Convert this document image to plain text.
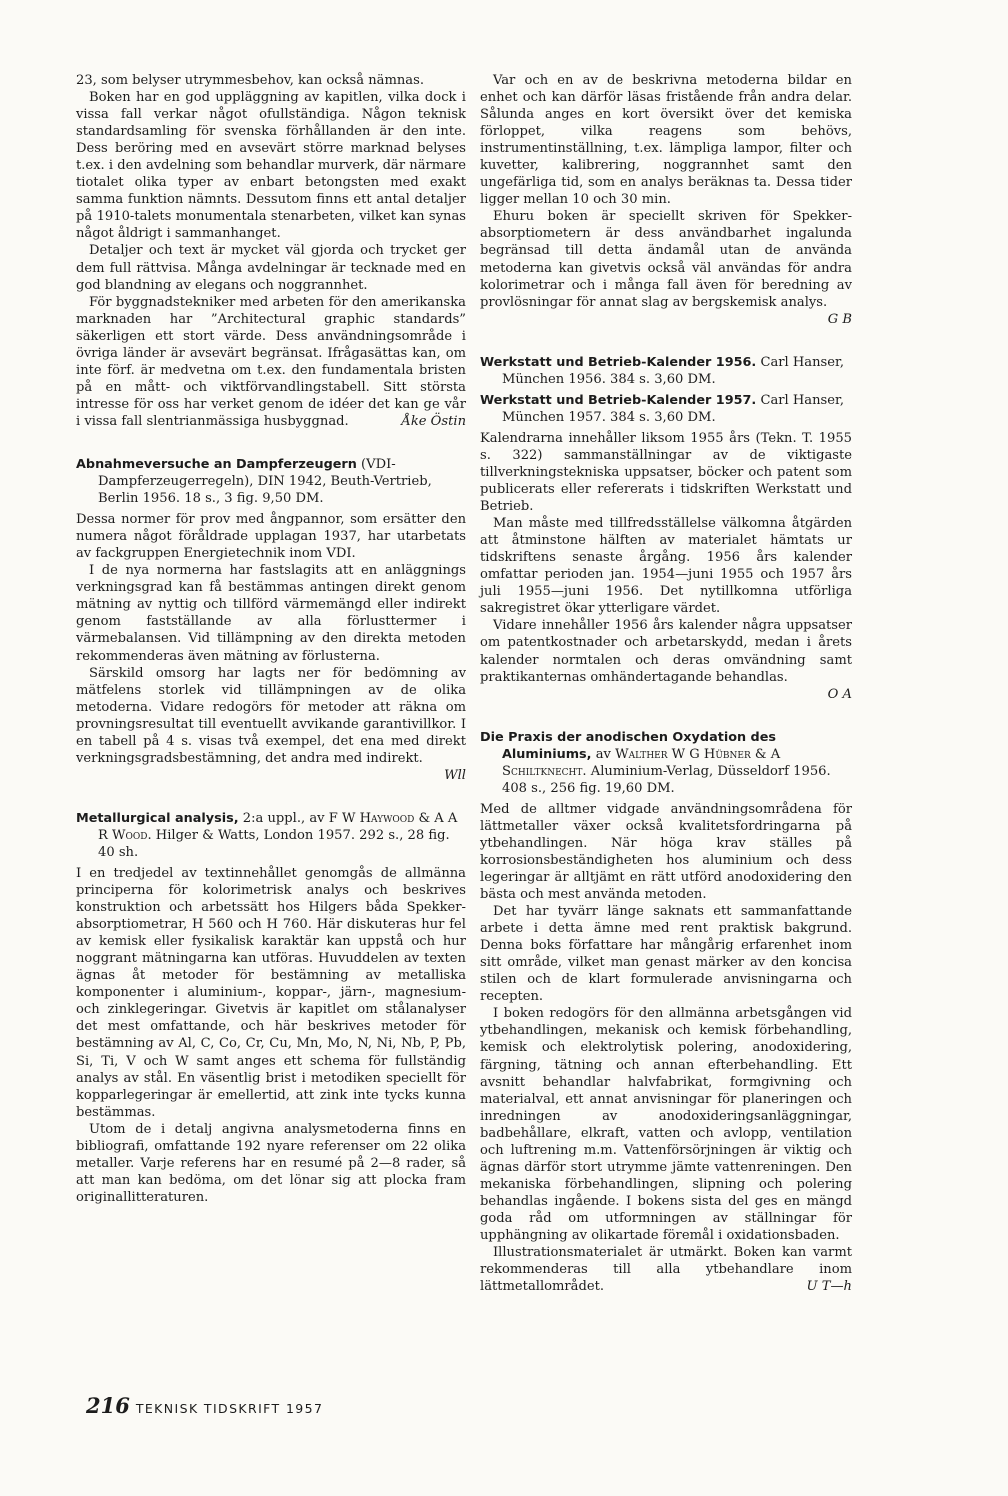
23, som belyser utrymmesbehov, kan också nämnas.

Boken har en god uppläggning av kapitlen, vilka dock i vissa fall verkar något ofullständiga. Någon teknisk standardsamling för svenska förhållanden är den inte. Dess beröring med en avsevärt större marknad belyses t.ex. i den avdelning som behandlar murverk, där närmare tiotalet olika typer av enbart betongsten med exakt samma funktion nämnts. Dessutom finns ett antal detaljer på 1910-talets monumentala stenarbeten, vilket kan synas något åldrigt i sammanhanget.

Detaljer och text är mycket väl gjorda och trycket ger dem full rättvisa. Många avdelningar är tecknade med en god blandning av elegans och noggrannhet.

För byggnadstekniker med arbeten för den amerikanska marknaden har ”Architectural graphic standards” säkerligen ett stort värde. Dess användningsområde i övriga länder är avsevärt begränsat. Ifrågasättas kan, om inte förf. är medvetna om t.ex. den fundamentala bristen på en mått- och viktförvandlingstabell. Sitt största intresse för oss har verket genom de idéer det kan ge vår i vissa fall slentrianmässiga husbyggnad.	Åke Östin

Abnahmeversuche an Dampferzeugern (VDI-Dampferzeugerregeln), DIN 1942, Beuth-Vertrieb, Berlin 1956. 18 s., 3 fig. 9,50 DM.

Dessa normer för prov med ångpannor, som ersätter den numera något föråldrade upplagan 1937, har utarbetats av fackgruppen Energietechnik inom VDI.

I de nya normerna har fastslagits att en anläggnings verkningsgrad kan få bestämmas antingen direkt genom mätning av nyttig och tillförd värmemängd eller indirekt genom fastställande av alla förlusttermer i värmebalansen. Vid tillämpning av den direkta metoden rekommenderas även mätning av förlusterna.

Särskild omsorg har lagts ner för bedömning av mätfelens storlek vid tillämpningen av de olika metoderna. Vidare redogörs för metoder att räkna om provningsresultat till eventuellt avvikande garantivillkor. I en tabell på 4 s. visas två exempel, det ena med direkt verkningsgradsbestämning, det andra med indirekt.

Wll

Metallurgical analysis, 2:a uppl., av F W Haywood & A A R Wood. Hilger & Watts, London 1957. 292 s., 28 fig. 40 sh.

I en tredjedel av textinnehållet genomgås de allmänna principerna för kolorimetrisk analys och beskrives konstruktion och arbetssätt hos Hilgers båda Spekker-absorptiometrar, H 560 och H 760. Här diskuteras hur fel av kemisk eller fysikalisk karaktär kan uppstå och hur noggrant mätningarna kan utföras. Huvuddelen av texten ägnas åt metoder för bestämning av metalliska komponenter i aluminium-, koppar-, järn-, magnesium- och zinklegeringar. Givetvis är kapitlet om stålanalyser det mest omfattande, och här beskrives metoder för bestämning av Al, C, Co, Cr, Cu, Mn, Mo, N, Ni, Nb, P, Pb, Si, Ti, V och W samt anges ett schema för fullständig analys av stål. En väsentlig brist i metodiken speciellt för kopparlegeringar är emellertid, att zink inte tycks kunna bestämmas.

Utom de i detalj angivna analysmetoderna finns en bibliografi, omfattande 192 nyare referenser om 22 olika metaller. Varje referens har en resumé på 2—8 rader, så att man kan bedöma, om det lönar sig att plocka fram originallitteraturen.

Var och en av de beskrivna metoderna bildar en enhet och kan därför läsas fristående från andra delar. Sålunda anges en kort översikt över det kemiska förloppet, vilka reagens som behövs, instrumentinställning, t.ex. lämpliga lampor, filter och kuvetter, kalibrering, noggrannhet samt den ungefärliga tid, som en analys beräknas ta. Dessa tider ligger mellan 10 och 30 min.

Ehuru boken är speciellt skriven för Spekker-absorptiometern är dess användbarhet ingalunda begränsad till detta ändamål utan de använda metoderna kan givetvis också väl användas för andra kolorimetrar och i många fall även för beredning av provlösningar för annat slag av bergskemisk analys.

G B

Werkstatt und Betrieb-Kalender 1956. Carl Hanser, München 1956. 384 s. 3,60 DM.

Werkstatt und Betrieb-Kalender 1957. Carl Hanser, München 1957. 384 s. 3,60 DM.

Kalendrarna innehåller liksom 1955 års (Tekn. T. 1955 s. 322) sammanställningar av de viktigaste tillverkningstekniska uppsatser, böcker och patent som publicerats eller refererats i tidskriften Werkstatt und Betrieb.

Man måste med tillfredsställelse välkomna åtgärden att åtminstone hälften av materialet hämtats ur tidskriftens senaste årgång. 1956 års kalender omfattar perioden jan. 1954—juni 1955 och 1957 års juli 1955—juni 1956. Det nytillkomna utförliga sakregistret ökar ytterligare värdet.

Vidare innehåller 1956 års kalender några uppsatser om patentkostnader och arbetarskydd, medan i årets kalender normtalen och deras omvändning samt praktikanternas omhändertagande behandlas.

O A

Die Praxis der anodischen Oxydation des Aluminiums, av Walther W G Hübner & A Schiltknecht. Aluminium-Verlag, Düsseldorf 1956. 408 s., 256 fig. 19,60 DM.

Med de alltmer vidgade användningsområdena för lättmetaller växer också kvalitetsfordringarna på ytbehandlingen. När höga krav ställes på korrosionsbeständigheten hos aluminium och dess legeringar är alltjämt en rätt utförd anodoxidering den bästa och mest använda metoden.

Det har tyvärr länge saknats ett sammanfattande arbete i detta ämne med rent praktisk bakgrund. Denna boks författare har mångårig erfarenhet inom sitt område, vilket man genast märker av den koncisa stilen och de klart formulerade anvisningarna och recepten.

I boken redogörs för den allmänna arbetsgången vid ytbehandlingen, mekanisk och kemisk förbehandling, kemisk och elektrolytisk polering, anodoxidering, färgning, tätning och annan efterbehandling. Ett avsnitt behandlar halvfabrikat, formgivning och materialval, ett annat anvisningar för planeringen och inredningen av anodoxideringsanläggningar, badbehållare, elkraft, vatten och avlopp, ventilation och luftrening m.m. Vattenförsörjningen är viktig och ägnas därför stort utrymme jämte vattenreningen. Den mekaniska förbehandlingen, slipning och polering behandlas ingående. I bokens sista del ges en mängd goda råd om utformningen av ställningar för upphängning av olikartade föremål i oxidationsbaden.

Illustrationsmaterialet är utmärkt. Boken kan varmt rekommenderas till alla ytbehandlare inom lättmetallområdet.	U T—h

216 TEKNISK TIDSKRIFT 1957
